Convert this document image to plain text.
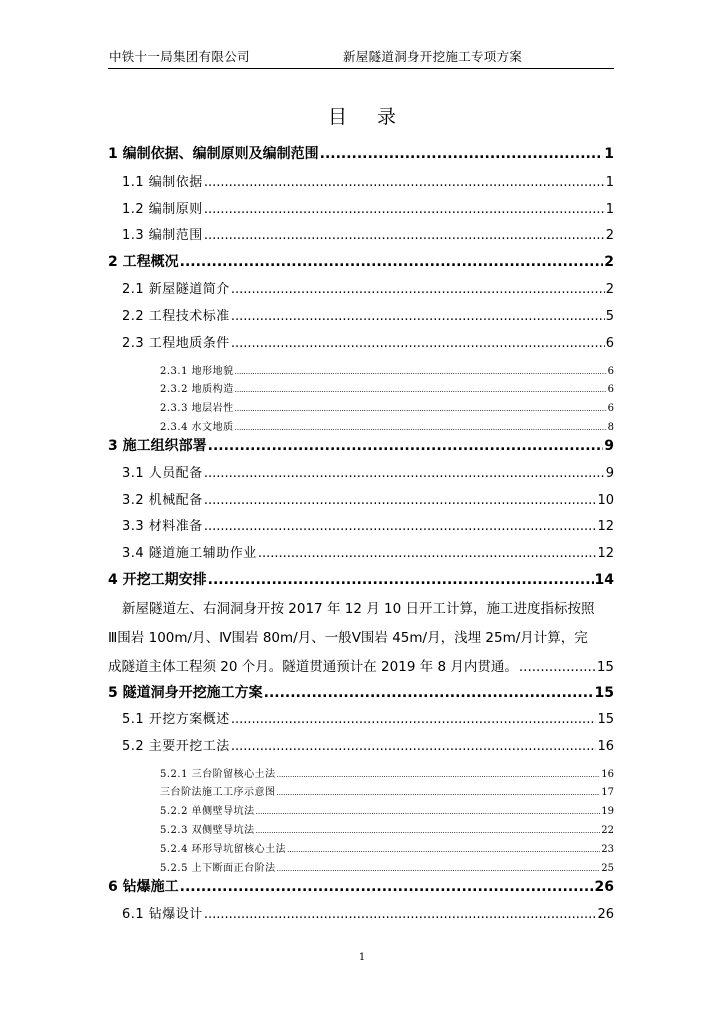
中铁十一局集团有限公司	新屋隧道洞身开挖施工专项方案
目 录
1 编制依据、编制原则及编制范围 .....	1
1.1 编制依据 .....	1
1.2 编制原则 .....	1
1.3 编制范围 .....	2
2 工程概况 .....	2
2.1 新屋隧道简介 .....	2
2.2 工程技术标准 .....	5
2.3 工程地质条件 .....	6
2.3.1 地形地貌 .....	6
2.3.2 地质构造 .....	6
2.3.3 地层岩性 .....	6
2.3.4 水文地质 .....	8
3 施工组织部署 .....	9
3.1 人员配备 .....	9
3.2 机械配备 .....	10
3.3 材料准备 .....	12
3.4 隧道施工辅助作业 .....	12
4 开挖工期安排 .....	14
新屋隧道左、右洞洞身开按 2017 年 12 月 10 日开工计算，施工进度指标按照
Ⅲ围岩 100m/月、Ⅳ围岩 80m/月、一般Ⅴ围岩 45m/月，浅埋 25m/月计算，完
成隧道主体工程须 20 个月。隧道贯通预计在 2019 年 8 月内贯通。 .....	15
5 隧道洞身开挖施工方案 .....	15
5.1 开挖方案概述 .....	15
5.2 主要开挖工法 .....	16
5.2.1 三台阶留核心土法 .....	16
三台阶法施工工序示意图 .....	17
5.2.2 单侧壁导坑法 .....	19
5.2.3 双侧壁导坑法 .....	22
5.2.4 环形导坑留核心土法 .....	23
5.2.5 上下断面正台阶法 .....	25
6 钻爆施工 .....	26
6.1 钻爆设计 .....	26
1
